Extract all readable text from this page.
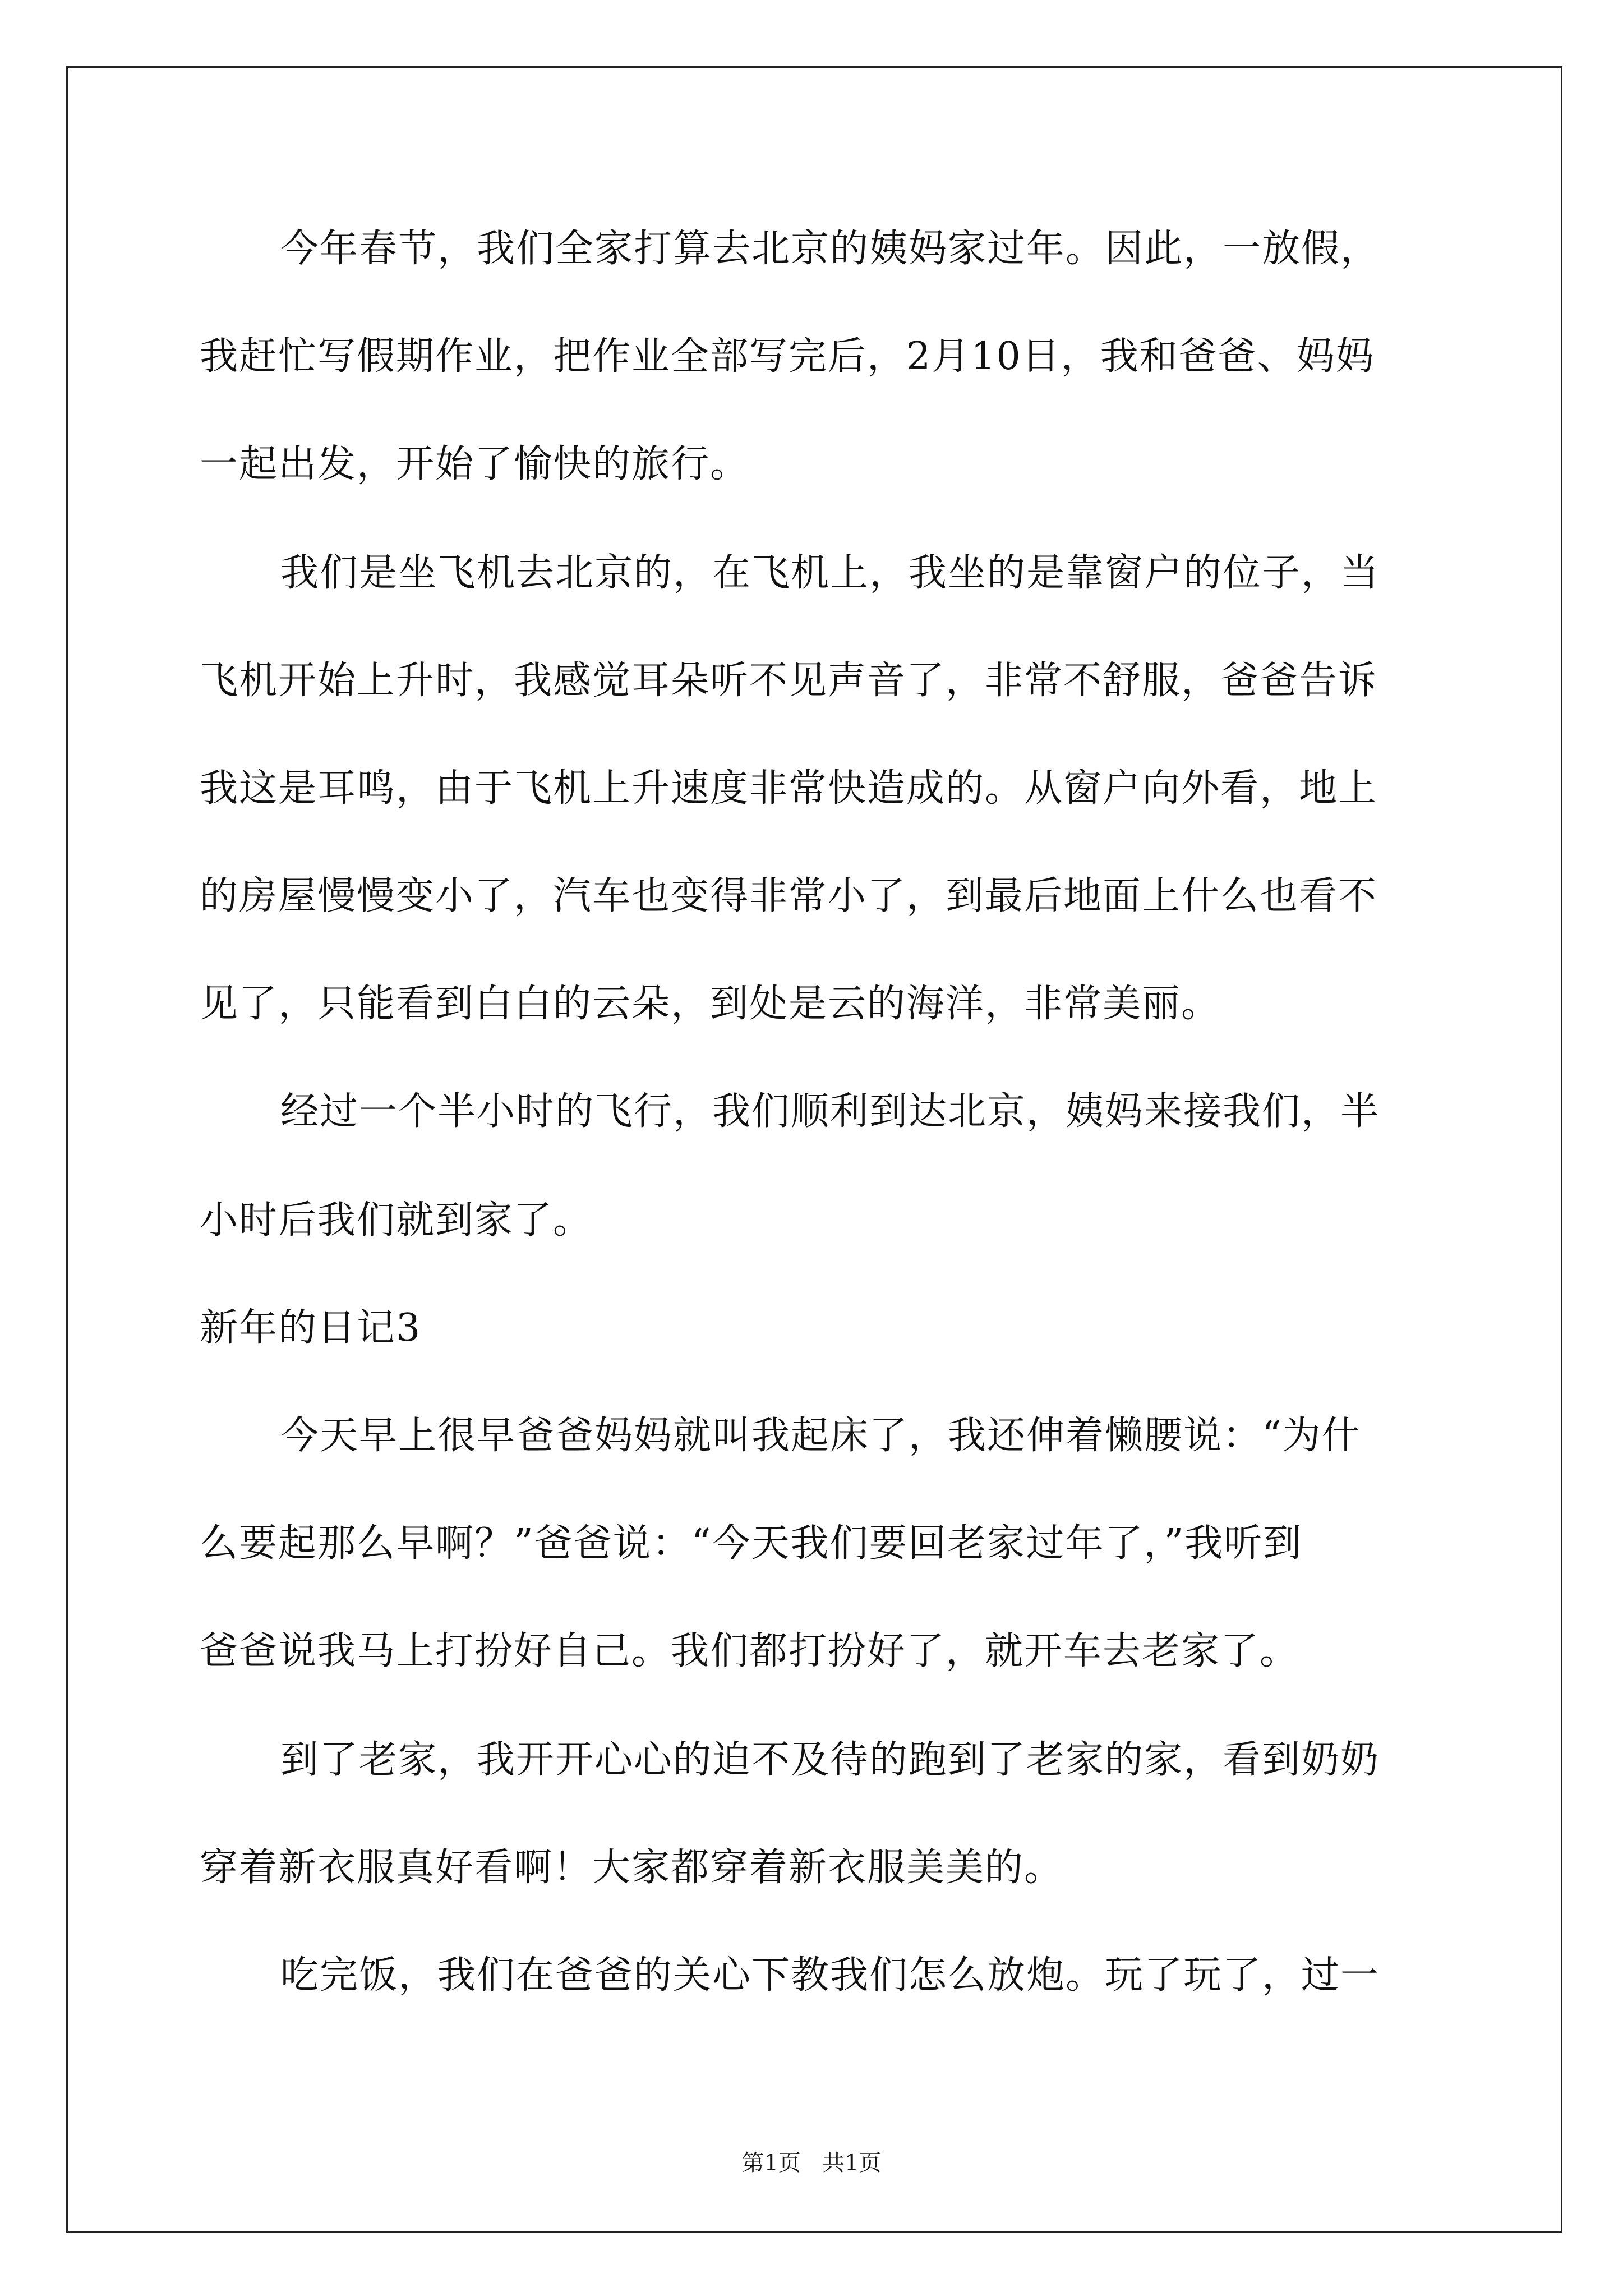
今年春节，我们全家打算去北京的姨妈家过年。因此，一放假，
我赶忙写假期作业，把作业全部写完后，2月10日，我和爸爸、妈妈
一起出发，开始了愉快的旅行。
我们是坐飞机去北京的，在飞机上，我坐的是靠窗户的位子，当
飞机开始上升时，我感觉耳朵听不见声音了，非常不舒服，爸爸告诉
我这是耳鸣，由于飞机上升速度非常快造成的。从窗户向外看，地上
的房屋慢慢变小了，汽车也变得非常小了，到最后地面上什么也看不
见了，只能看到白白的云朵，到处是云的海洋，非常美丽。
经过一个半小时的飞行，我们顺利到达北京，姨妈来接我们，半
小时后我们就到家了。
新年的日记3
今天早上很早爸爸妈妈就叫我起床了，我还伸着懒腰说：“为什
么要起那么早啊？”爸爸说：“今天我们要回老家过年了，”我听到
爸爸说我马上打扮好自己。我们都打扮好了，就开车去老家了。
到了老家，我开开心心的迫不及待的跑到了老家的家，看到奶奶
穿着新衣服真好看啊！大家都穿着新衣服美美的。
吃完饭，我们在爸爸的关心下教我们怎么放炮。玩了玩了，过一
第1页   共1页
